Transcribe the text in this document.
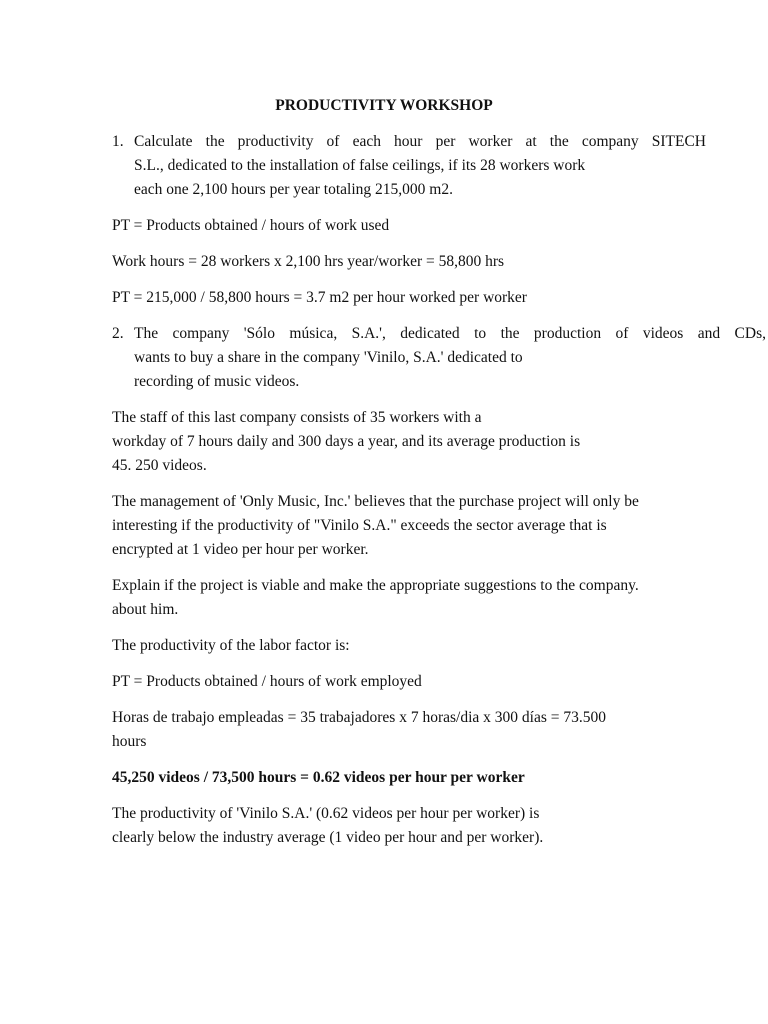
PRODUCTIVITY WORKSHOP
1. Calculate the productivity of each hour per worker at the company SITECH
S.L., dedicated to the installation of false ceilings, if its 28 workers work
each one 2,100 hours per year totaling 215,000 m2.
PT = Products obtained / hours of work used
Work hours = 28 workers x 2,100 hrs year/worker = 58,800 hrs
PT = 215,000 / 58,800 hours = 3.7 m2 per hour worked per worker
2. The company 'Sólo música, S.A.', dedicated to the production of videos and CDs,
wants to buy a share in the company 'Vinilo, S.A.' dedicated to
recording of music videos.
The staff of this last company consists of 35 workers with a
workday of 7 hours daily and 300 days a year, and its average production is
45. 250 videos.
The management of 'Only Music, Inc.' believes that the purchase project will only be
interesting if the productivity of "Vinilo S.A." exceeds the sector average that is
encrypted at 1 video per hour per worker.
Explain if the project is viable and make the appropriate suggestions to the company.
about him.
The productivity of the labor factor is:
PT = Products obtained / hours of work employed
Horas de trabajo empleadas = 35 trabajadores x 7 horas/dia x 300 días = 73.500
hours
45,250 videos / 73,500 hours = 0.62 videos per hour per worker
The productivity of 'Vinilo S.A.' (0.62 videos per hour per worker) is
clearly below the industry average (1 video per hour and per worker).
